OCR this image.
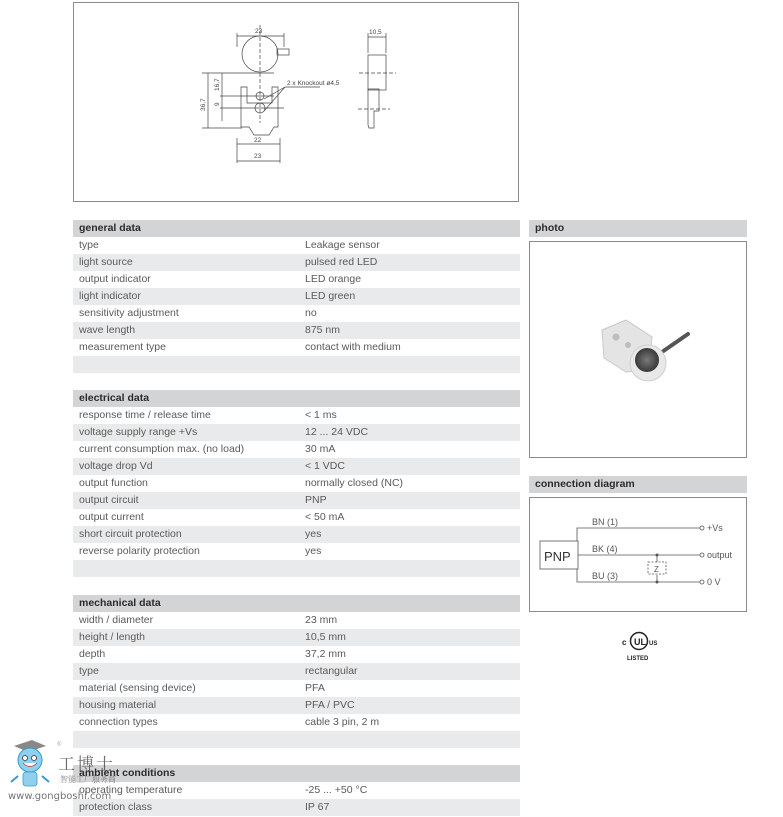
23	10,5
22
23
2 x Knockout ø4,5
36,7
16,7
9
general data
type	Leakage sensor
light source	pulsed red LED
output indicator	LED orange
light indicator	LED green
sensitivity adjustment	no
wave length	875 nm
measurement type	contact with medium
electrical data
response time / release time	< 1 ms
voltage supply range +Vs	12 ... 24 VDC
current consumption max. (no load)	30 mA
voltage drop Vd	< 1 VDC
output function	normally closed (NC)
output circuit	PNP
output current	< 50 mA
short circuit protection	yes
reverse polarity protection	yes
mechanical data
width / diameter	23 mm
height / length	10,5 mm
depth	37,2 mm
type	rectangular
material (sensing device)	PFA
housing material	PFA / PVC
connection types	cable 3 pin, 2 m
ambient conditions
operating temperature	-25 ... +50 °C
protection class	IP 67
photo
connection diagram
PNP
BN (1)
BK (4)
BU (3)
+Vs
output
0 V
Z
UL
c	US
LISTED
®
工博士
智能工厂服务商
www.gongboshi.com
